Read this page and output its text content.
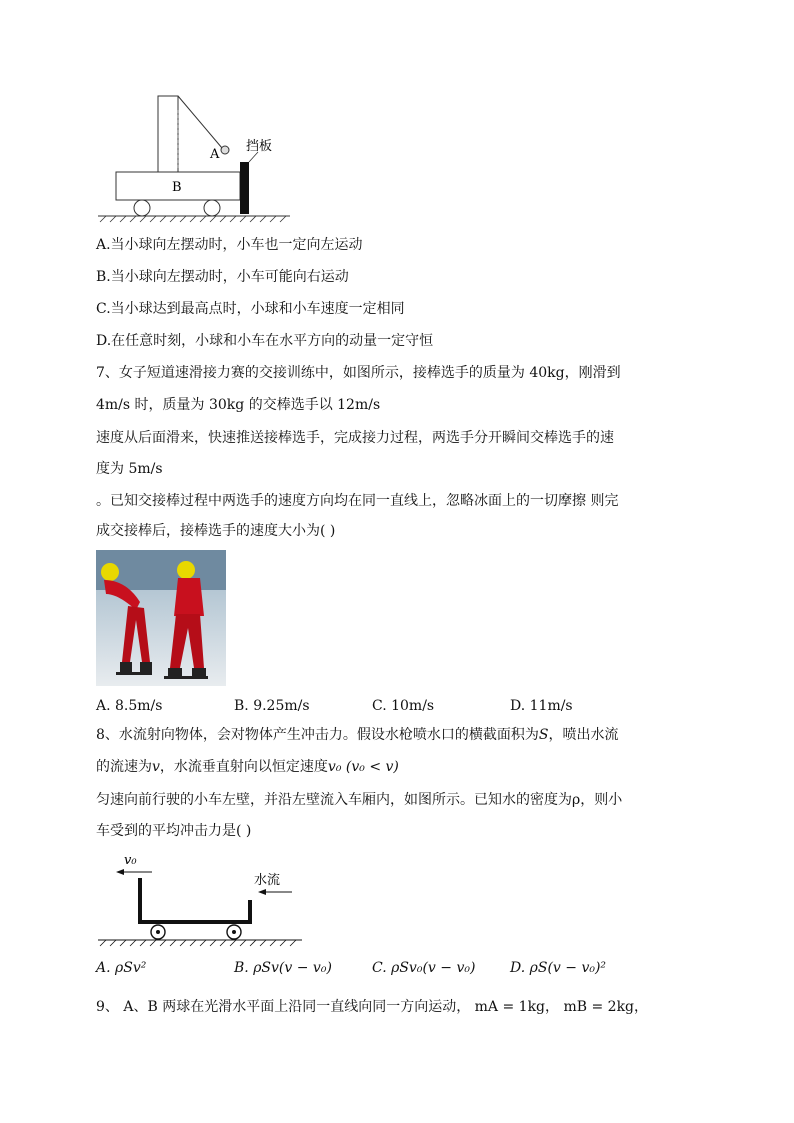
A
B
挡板
A.当小球向左摆动时，小车也一定向左运动
B.当小球向左摆动时，小车可能向右运动
C.当小球达到最高点时，小球和小车速度一定相同
D.在任意时刻，小球和小车在水平方向的动量一定守恒
7、女子短道速滑接力赛的交接训练中，如图所示，接棒选手的质量为 40kg，刚滑到
4m/s 时，质量为 30kg 的交棒选手以 12m/s
速度从后面滑来，快速推送接棒选手，完成接力过程，两选手分开瞬间交棒选手的速
度为 5m/s
。已知交接棒过程中两选手的速度方向均在同一直线上，忽略冰面上的一切摩擦 则完
成交接棒后，接棒选手的速度大小为( )
A. 8.5m/s	B. 9.25m/s	C. 10m/s	D. 11m/s
8、水流射向物体，会对物体产生冲击力。假设水枪喷水口的横截面积为S，喷出水流
的流速为v，水流垂直射向以恒定速度v₀ (v₀ < v)
匀速向前行驶的小车左壁，并沿左壁流入车厢内，如图所示。已知水的密度为ρ，则小
车受到的平均冲击力是( )
v₀
水流
A. ρSv²	B. ρSv(v − v₀)	C. ρSv₀(v − v₀) D. ρS(v − v₀)²
9、 A、B 两球在光滑水平面上沿同一直线向同一方向运动， mA = 1kg， mB = 2kg，
